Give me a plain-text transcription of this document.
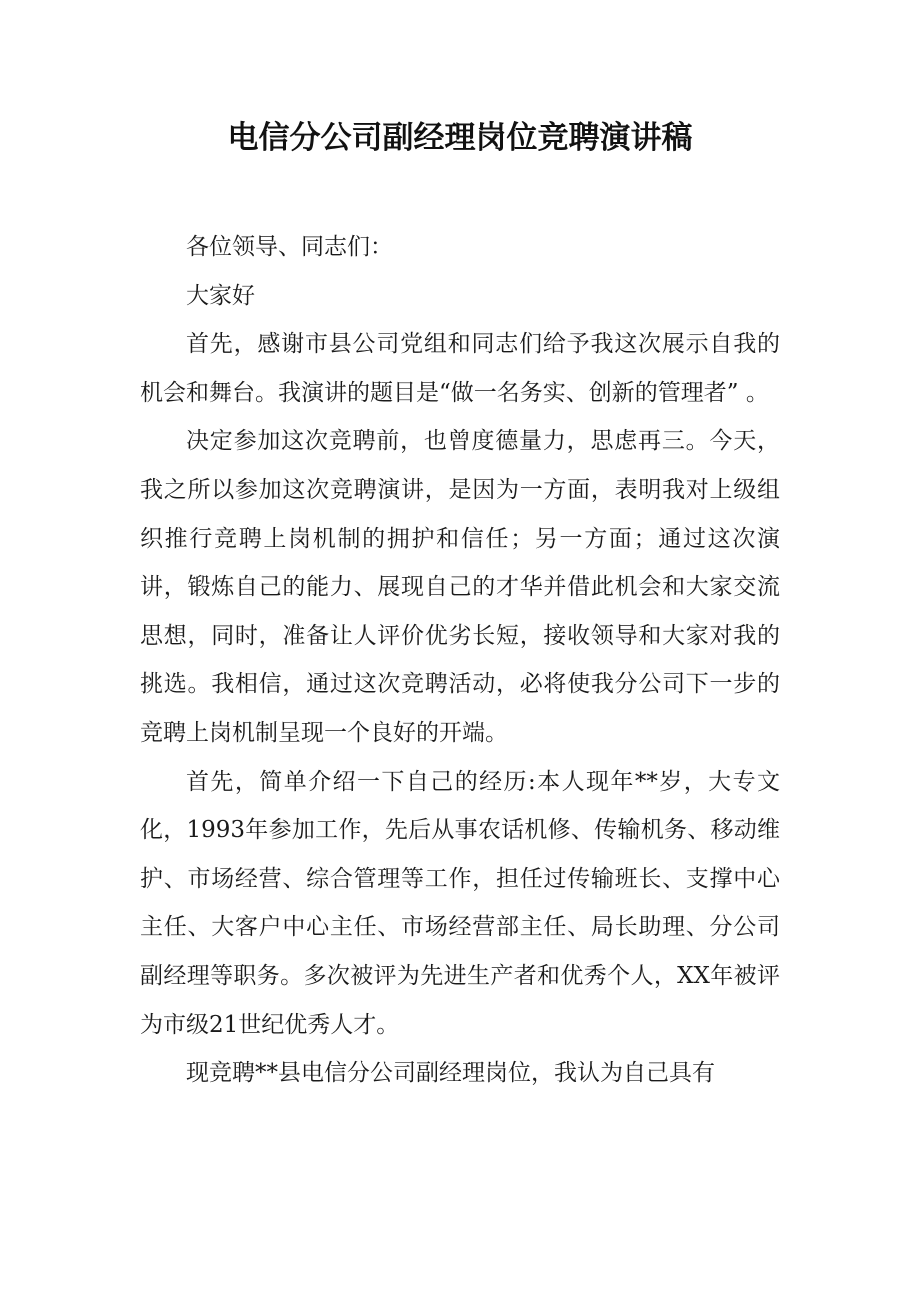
电信分公司副经理岗位竞聘演讲稿

各位领导、同志们：

大家好

首先，感谢市县公司党组和同志们给予我这次展示自我的机会和舞台。我演讲的题目是“做一名务实、创新的管理者” 。

决定参加这次竞聘前，也曾度德量力，思虑再三。今天，我之所以参加这次竞聘演讲，是因为一方面，表明我对上级组织推行竞聘上岗机制的拥护和信任；另一方面；通过这次演讲，锻炼自己的能力、展现自己的才华并借此机会和大家交流思想，同时，准备让人评价优劣长短，接收领导和大家对我的挑选。我相信，通过这次竞聘活动，必将使我分公司下一步的竞聘上岗机制呈现一个良好的开端。

首先，简单介绍一下自己的经历:本人现年**岁，大专文化，1993年参加工作，先后从事农话机修、传输机务、移动维护、市场经营、综合管理等工作，担任过传输班长、支撑中心主任、大客户中心主任、市场经营部主任、局长助理、分公司副经理等职务。多次被评为先进生产者和优秀个人，XX年被评为市级21世纪优秀人才。

现竞聘**县电信分公司副经理岗位，我认为自己具有
